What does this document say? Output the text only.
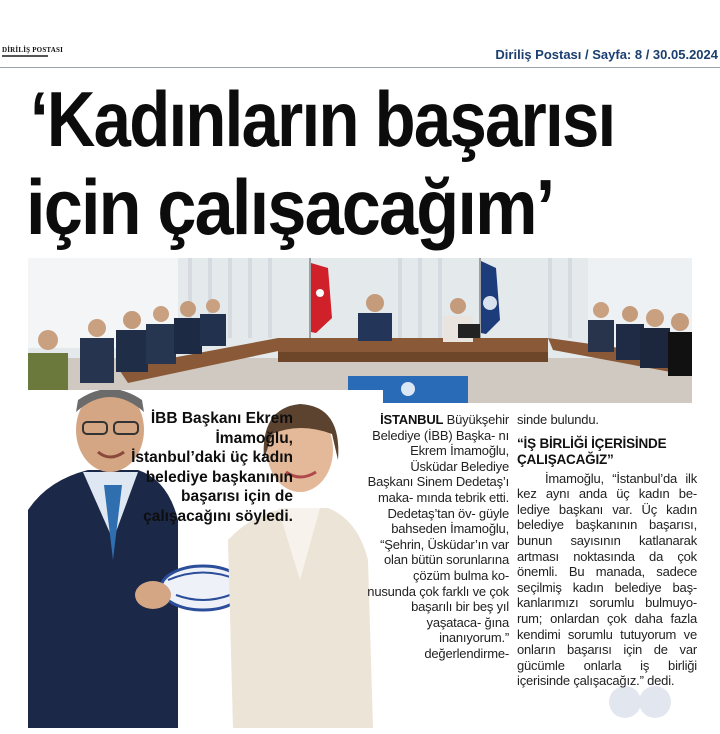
DİRİLİŞ POSTASI	Diriliş Postası / Sayfa: 8 / 30.05.2024
‘Kadınların başarısı
için çalışacağım’
İBB Başkanı Ekrem İmamoğlu, İstanbul’daki üç kadın belediye başkanının başarısı için de çalışacağını söyledi.

İSTANBUL Büyükşehir Belediye (İBB) Başka- nı Ekrem İmamoğlu, Üsküdar Belediye Başkanı Sinem Dedetaş’ı maka- mında tebrik etti.

Dedetaş’tan öv- güyle bahseden İmamoğlu, “Şehrin, Üsküdar’ın var olan bütün sorunlarına çözüm bulma ko- nusunda çok farklı ve çok başarılı bir beş yıl yaşataca- ğına inanıyorum.” değerlendirme-

sinde bulundu.

“İŞ BİRLİĞİ İÇERİSİNDE ÇALIŞACAĞIZ”

İmamoğlu, “İstanbul’da ilk kez aynı anda üç kadın be- lediye başkanı var. Üç kadın belediye başkanının başarısı, bunun sayısının katlanarak artması noktasında da çok önemli. Bu manada, sadece seçilmiş kadın belediye baş- kanlarımızı sorumlu bulmuyo- rum; onlardan çok daha fazla kendimi sorumlu tutuyorum ve onların başarısı için de var gücümle onlarla iş birliği içerisinde çalışacağız.” dedi.
